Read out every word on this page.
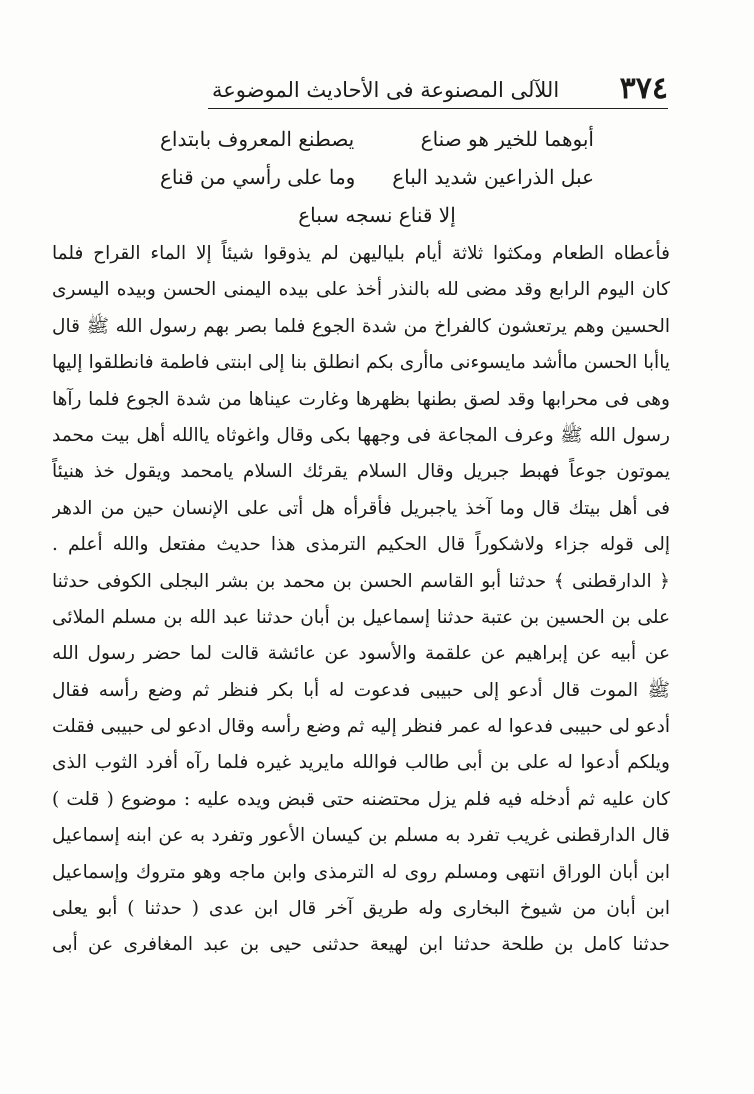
٣٧٤
اللآلى المصنوعة فى الأحاديث الموضوعة
أبوهما للخير هو صناع
يصطنع المعروف بابتداع
عبل الذراعين شديد الباع
وما على رأسي من قناع
إلا قناع نسجه سباع
فأعطاه الطعام ومكثوا ثلاثة أيام بلياليهن لم يذوقوا شيئاً إلا الماء القراح فلما
كان اليوم الرابع وقد مضى لله بالنذر أخذ على بيده اليمنى الحسن وبيده اليسرى
الحسين وهم يرتعشون كالفراخ من شدة الجوع فلما بصر بهم رسول الله ﷺ قال
ياأبا الحسن ماأشد مايسوءنى ماأرى بكم انطلق بنا إلى ابنتى فاطمة فانطلقوا إليها
وهى فى محرابها وقد لصق بطنها بظهرها وغارت عيناها من شدة الجوع فلما رآها
رسول الله ﷺ وعرف المجاعة فى وجهها بكى وقال واغوثاه ياالله أهل بيت محمد
يموتون جوعاً فهبط جبريل وقال السلام يقرئك السلام يامحمد ويقول خذ هنيئاً
فى أهل بيتك قال وما آخذ ياجبريل فأقرأه هل أتى على الإنسان حين من الدهر
إلى قوله جزاء ولاشكوراً قال الحكيم الترمذى هذا حديث مفتعل والله أعلم .
﴿ الدارقطنى ﴾ حدثنا أبو القاسم الحسن بن محمد بن بشر البجلى الكوفى حدثنا
على بن الحسين بن عتبة حدثنا إسماعيل بن أبان حدثنا عبد الله بن مسلم الملائى
عن أبيه عن إبراهيم عن علقمة والأسود عن عائشة قالت لما حضر رسول الله
ﷺ الموت قال أدعو إلى حبيبى فدعوت له أبا بكر فنظر ثم وضع رأسه فقال
أدعو لى حبيبى فدعوا له عمر فنظر إليه ثم وضع رأسه وقال ادعو لى حبيبى فقلت
ويلكم أدعوا له على بن أبى طالب فوالله مايريد غيره فلما رآه أفرد الثوب الذى
كان عليه ثم أدخله فيه فلم يزل محتضنه حتى قبض ويده عليه : موضوع ( قلت )
قال الدارقطنى غريب تفرد به مسلم بن كيسان الأعور وتفرد به عن ابنه إسماعيل
ابن أبان الوراق انتهى ومسلم روى له الترمذى وابن ماجه وهو متروك وإسماعيل
ابن أبان من شيوخ البخارى وله طريق آخر قال ابن عدى ( حدثنا ) أبو يعلى
حدثنا كامل بن طلحة حدثنا ابن لهيعة حدثنى حيى بن عبد المغافرى عن أبى
